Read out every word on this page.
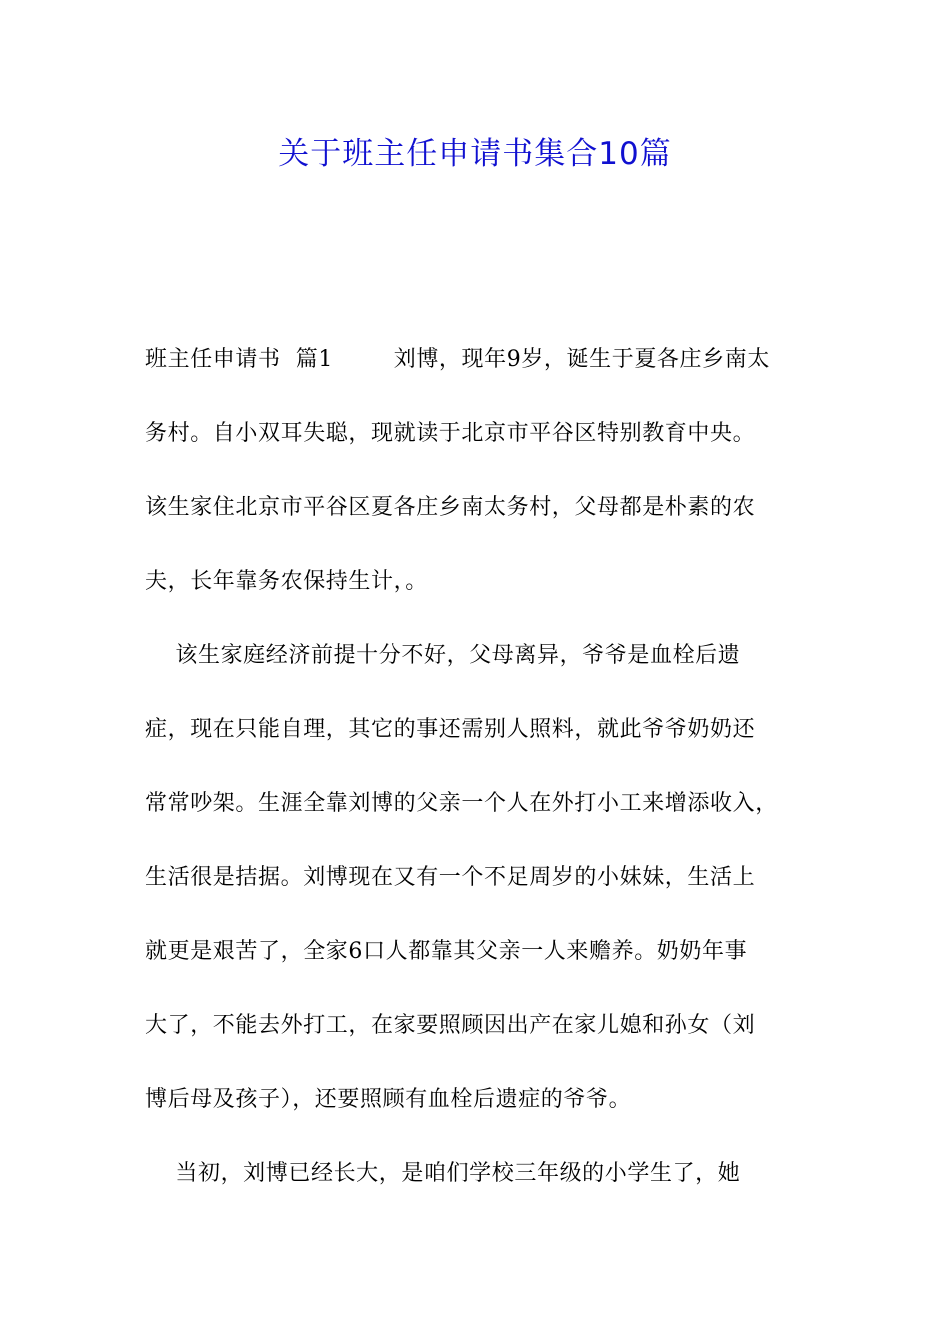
关于班主任申请书集合10篇
班主任申请书  篇1        刘博，现年9岁，诞生于夏各庄乡南太
务村。自小双耳失聪，现就读于北京市平谷区特别教育中央。
该生家住北京市平谷区夏各庄乡南太务村，父母都是朴素的农
夫，长年靠务农保持生计，。
该生家庭经济前提十分不好，父母离异，爷爷是血栓后遗
症，现在只能自理，其它的事还需别人照料，就此爷爷奶奶还
常常吵架。生涯全靠刘博的父亲一个人在外打小工来增添收入，
生活很是拮据。刘博现在又有一个不足周岁的小妹妹，生活上
就更是艰苦了，全家6口人都靠其父亲一人来赡养。奶奶年事
大了，不能去外打工，在家要照顾因出产在家儿媳和孙女（刘
博后母及孩子），还要照顾有血栓后遗症的爷爷。
当初，刘博已经长大，是咱们学校三年级的小学生了，她
